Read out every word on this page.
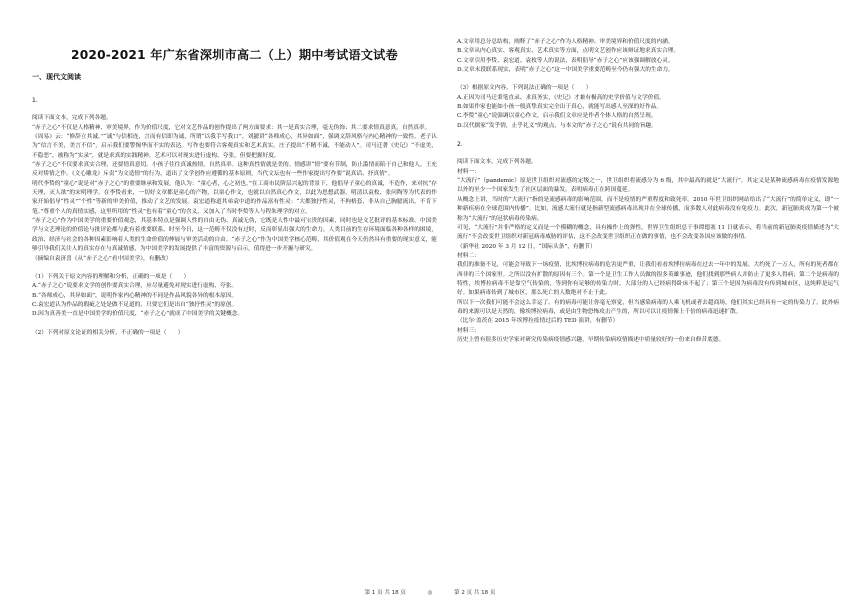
2020-2021 年广东省深圳市高二（上）期中考试语文试卷
一、现代文阅读

1.

阅读下面文本，完成下列各题。

“赤子之心”不仅是人格精神、审美境界，作为价值尺度，它对文艺作品的创作提出了两方面要求：其一是真实合理，毫无伪饰；其二要求情真意真，自然真率。

《周易》云：“修辞立其诚。”“诚”与信相连，言而有信即为诚，所谓“以我手写我口”。刘勰讲“各师成心，其异如面”，强调文辞风格与内心精神的一致性。老子认为“信言不美，美言不信”，启示我们要警惕华而不实的表达。写作也要符合客观真实和艺术真实。庄子提出“不精不诚，不能动人”。司马迁著《史记》“不虚美，不隐恶”，被称为“实录”，就是求真的实践精神。艺术可以对现实进行虚构、夸张，但要把握好度。

“赤子之心”不仅要求真实合理，还要情真意切。小孩子往往真诚热情，自然真率。这种真性情就是美的。情感讲“情”要有节制，防止滥情而陷于自己和他人。王充反对矫情之作。《文心雕龙》斥责“为文造情”的行为，道出了文学创作应遵循的基本原则，当代文坛也有一些作家提出写作要“说真话、抒真情”。

明代李贽的“童心”说是对“赤子之心”的重要继承和发展。他认为：“童心者，心之初也。”在工商市民阶层兴起的背景下，他倡导子童心的真诚，不造作，来对抗“存天理，灭人欲”的宋明理学。在李贽看来，一切好文章都是童心的产物，以童心作文，也就以自然真心作文，以此为思想武器，明清以袁枚、张问陶等为代表的作家开始倡导“性灵”“个性”等新的审美价值，推动了文艺的发展。袁宏道称道其弟袁中道的作品富有性灵：“大都独抒性灵，不拘格套，非从自己胸臆流出，不肯下笔。”尊重个人的真情实感，这里所用的“性灵”也有着“童心”的含义，又加入了当时李贽等人与程朱理学的对立。

“赤子之心”作为中国美学的重要价值观念，其基本特点是强调人性的自由无伪、真诚无伪，它既是人性中最可宝贵的因素，同时也是文艺批评的基本标准。中国美学与文艺理论的价值论与批评论都与此有着重要联系。时至今日，这一范畴不仅没有过时，反而彰显出强大的生命力。人类目前的生存环境面临各种各样的困境，政治、经济与社会的各种因素影响着人类的生命价值的伸展与审美活动的自由。“赤子之心”作为中国美学核心范畴，其价值观在今天仍然具有重要的现实意义，能够引导我们关注人的真实存在与真诚情感，为中国美学的发展提供了丰富的资源与启示，值得进一步开掘与研究。

（摘编自袁济喜《从“赤子之心”看中国美学》，有删改）

（1）下列关于原文内容的理解和分析，正确的一项是（　　）

A.“赤子之心”说要求文学的创作要真实合理，应尽量避免对现实进行虚构、夸张。

B.“各师成心，其异如面”，说明作家内心精神的不同是作品风貌各异的根本原因。

C.袁宏道认为作品的瑕疵之处是做不足道的，只要它们是出自“独抒性灵”的原创。

D.因为真善美一直是中国美学的价值尺度，“赤子之心”就成了中国美学的关键概念。

（2）下列对原文论证的相关分析，不正确的一项是（　　）

A.文章用总分总结构，阐释了“赤子之心”作为人格精神、审美境界和价值尺度的内涵。

B.文章从内心真实、客观真实、艺术真实等方面，点明文艺创作应该辩证地求真实合理。

C.文章引用李贽、袁宏道、袁枚等人的说法，表明倡导“赤子之心”应该强调解放心灵。

D.文章末段联系现实，表明“赤子之心”这一中国美学重要范畴至今仍有强大的生命力。

（3）根据原文内容，下列说法正确的一项是（　　）

A.正因为司马迁秉笔直录、求真务实，《史记》才兼有极高的史学价值与文学价值。

B.如果作家也能如小孩一般真挚真实完全出于真心，就能写出感人至深的好作品。

C.李贽“童心”说强调以童心作文，启示我们文章应是作者个体人格的自然呈现。

D.汉代儒家“发乎情，止乎礼义”的观点，与本文的“赤子之心”说有共同的旨趣。

2.

阅读下面文本，完成下列各题。

材料一：

“大流行”（pandemic）原是世卫组织对流感的定级之一，世卫组织将流感分为 6 级，其中最高的就是“大流行”，其定义是某种流感病毒在疫情发源地以外的至少一个国家发生了社区层面的暴发，表明病毒正在跨国蔓延。

从概念上讲，当时的“大流行”指的是流感病毒的影响范围，而不是疫情的严重程度和致死率。2010 年世卫组织网站给出了“大流行”的简单定义，即“一种新疾病在全球范围内传播”。比如，流感大流行就是指新型流感病毒出现并在全球传播，而多数人对此病毒没有免疫力。此次，新冠肺炎成为第一个被称为“大流行”的冠状病毒传染病。

可见，“大流行”并非严格的定义而是一个模糊的概念，具有操作上的弹性，世界卫生组织总干事谭德塞 11 日就表示，将当前的新冠肺炎疫情描述为“大流行”不会改变世卫组织对新冠病毒威胁的评估，这不会改变世卫组织正在做的事情，也不会改变各国应该做的事情。

（新华社 2020 年 3 月 12 日，“国际头条”，有删节）

材料二：

我们的准备不足，可能会导致下一场疫情，比埃博拉病毒的危害更严重，让我们看看埃博拉病毒在过去一年中的发展。大约死了一万人，所有的死者都在西非的三个国家里。之所以没有扩散的原因有三个。第一个是卫生工作人员做的很多英雄事迹，他们找到那些病人并防止了更多人得病；第二个是病毒的特性，埃博拉病毒不是靠空气传染的，等到你有足够的传染力时，大部分的人已经病得卧床不起了；第三个是因为病毒没有传到城市区，这纯粹是运气好。如果病毒传到了城市区，那么死亡的人数绝对不止于此。

所以下一次我们可能不会这么幸运了。有的病毒可能让你毫无察觉，但当感染病毒的人乘飞机或者去超商场，他们其实已经具有一定的传染力了。此外病毒的来源可以是天然的，像埃博拉病毒，或是由生物恐怖攻击产生的，所以可以让疫情像上千倍的病毒迅速扩散。

（比尔·盖茨在 2015 年埃博拉疫情过后的 TED 演讲，有删节）

材料三：

历史上曾有很多历史学家对研究传染病疫情感兴趣，早期传染病疫情描述中质量较好的一份来自修昔底德。

第 1 页 共 18 页	◎	第 2 页 共 18 页
